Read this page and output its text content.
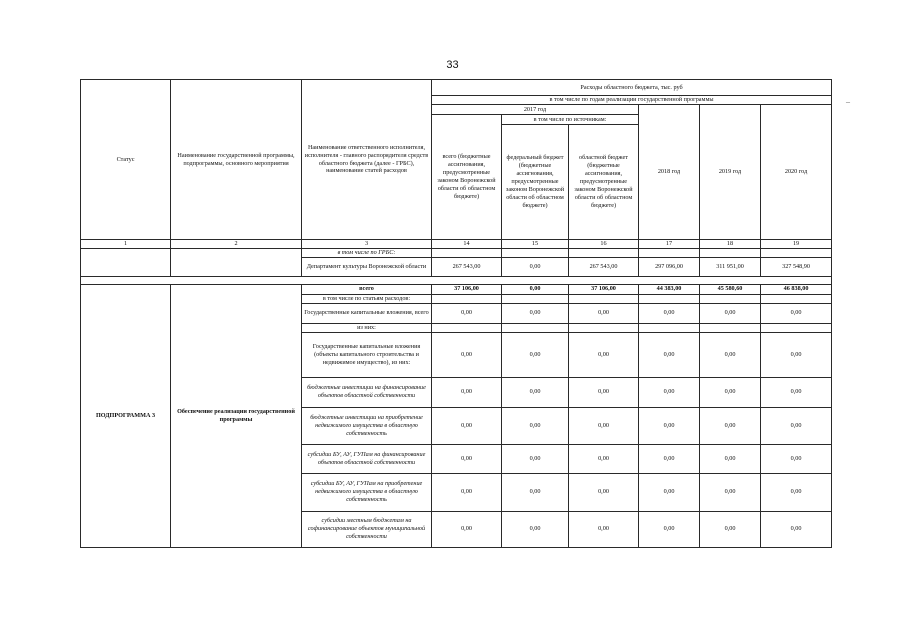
33
–
Статус	Наименование государственной программы, подпрограммы, основного мероприятия	Наименование ответственного исполнителя, исполнителя - главного распорядителя средств областного бюджета (далее - ГРБС), наименование статей расходов	Расходы областного бюджета, тыс. руб					
			в том числе по годам реализации государственной программы					
			2017 год			2018 год	2019 год	2020 год
			всего (бюджетные ассигнования, предусмотренные законом Воронежской области об областном бюджете)	в том числе по источникам:				
				федеральный бюджет (бюджетные ассигнования, предусмотренные законом Воронежской области об областном бюджете)	областной бюджет (бюджетные ассигнования, предусмотренные законом Воронежской области об областном бюджете)			
1	2	3	14	15	16	17	18	19
		в том числе по ГРБС:						
		Департамент культуры Воронежской области	267 543,00	0,00	267 543,00	297 096,00	311 951,00	327 548,90

ПОДПРОГРАММА 3	Обеспечение реализации государственной программы	всего	37 106,00	0,00	37 106,00	44 383,00	45 580,60	46 838,00
		в том числе по статьям расходов:						
		Государственные капитальные вложения, всего	0,00	0,00	0,00	0,00	0,00	0,00
		из них:						
		Государственные капитальные вложения (объекты капитального строительства и недвижимое имущество), из них:	0,00	0,00	0,00	0,00	0,00	0,00
		бюджетные инвестиции на финансирование объектов областной собственности	0,00	0,00	0,00	0,00	0,00	0,00
		бюджетные инвестиции на приобретение недвижимого имущества в областную собственность	0,00	0,00	0,00	0,00	0,00	0,00
		субсидии БУ, АУ, ГУПам на финансирование объектов областной собственности	0,00	0,00	0,00	0,00	0,00	0,00
		субсидии БУ, АУ, ГУПам на приобретение недвижимого имущества в областную собственность	0,00	0,00	0,00	0,00	0,00	0,00
		субсидии местным бюджетам на софинансирование объектов муниципальной собственности	0,00	0,00	0,00	0,00	0,00	0,00
